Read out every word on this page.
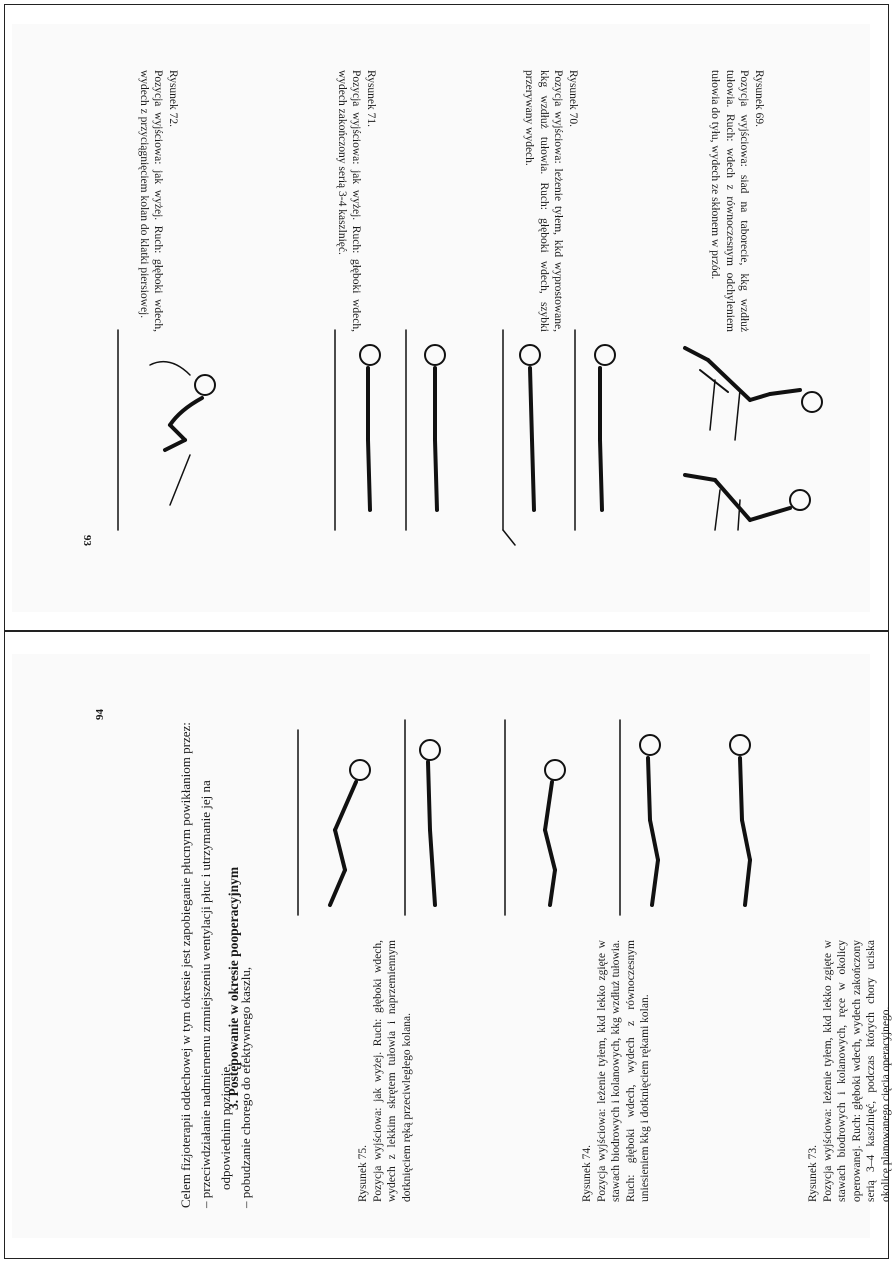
Rysunek 69.
Pozycja wyjściowa: siad na taborecie, kkg wzdłuż tułowia. Ruch: wdech z równoczesnym odchyleniem tułowia do tyłu, wydech ze skłonem w przód.
Rysunek 70.
Pozycja wyjściowa: leżenie tyłem, kkd wyprostowane, kkg wzdłuż tułowia. Ruch: głęboki wdech, szybki przerywany wydech.
Rysunek 71.
Pozycja wyjściowa: jak wyżej. Ruch: głęboki wdech, wydech zakończony serią 3-4 kaszlnięć.
Rysunek 72.
Pozycja wyjściowa: jak wyżej. Ruch: głęboki wdech, wydech z przyciągnięciem kolan do klatki piersiowej.
93
Rysunek 73. Pozycja wyjściowa: leżenie tyłem, kkd lekko zgięte w stawach biodrowych i kolanowych, ręce w okolicy operowanej. Ruch: głęboki wdech, wydech zakończony serią 3–4 kaszlnięć, podczas których chory uciska okolicę planowanego cięcia operacyjnego.
Rysunek 74. Pozycja wyjściowa: leżenie tyłem, kkd lekko zgięte w stawach biodrowych i kolanowych, kkg wzdłuż tułowia. Ruch: głęboki wdech, wydech z równoczesnym uniesieniem kkg i dotknięciem rękami kolan.
Rysunek 75. Pozycja wyjściowa: jak wyżej. Ruch: głęboki wdech, wydech z lekkim skrętem tułowia i naprzemiennym dotknięciem ręką przeciwległego kolana.
3. Postępowanie w okresie pooperacyjnym
Celem fizjoterapii oddechowej w tym okresie jest zapobieganie płucnym powikłaniom przez: – przeciwdziałanie nadmiernemu zmniejszeniu wentylacji płuc i utrzymanie jej na odpowiednim poziomie, – pobudzanie chorego do efektywnego kaszlu,
94
